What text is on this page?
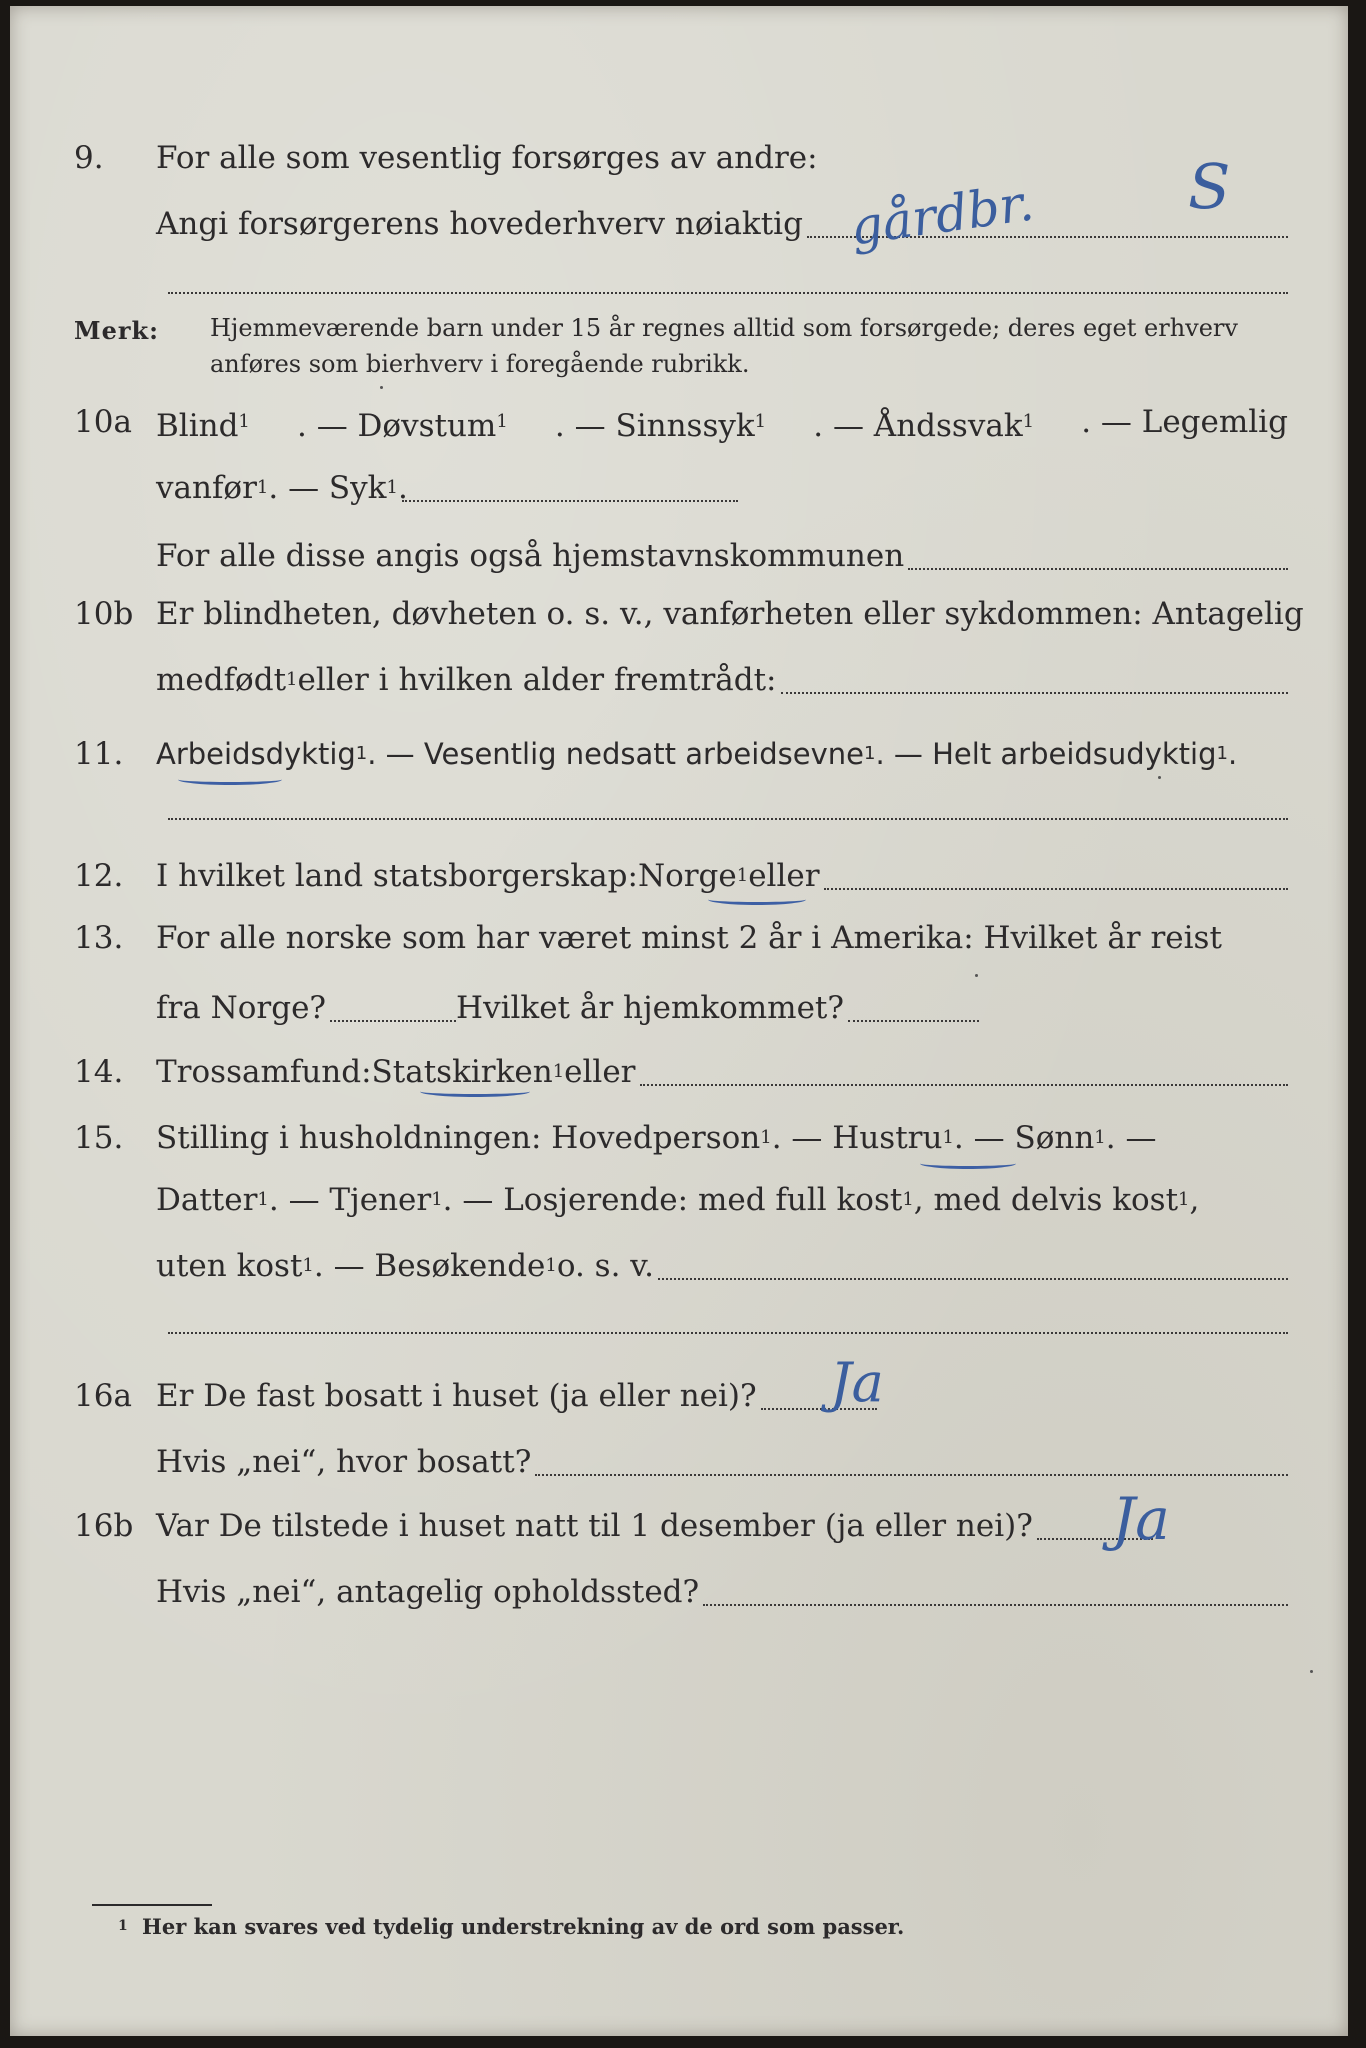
9.	For alle som vesentlig forsørges av andre:
Angi forsørgerens hovederhverv nøiaktig gårdbr. S
Merk: Hjemmeværende barn under 15 år regnes alltid som forsørgede; deres eget erhverv anføres som bierhverv i foregående rubrikk.
10a Blind$^1$ . — Døvstum$^1$ . — Sinnssyk$^1$ . — Åndssvak$^1$ . — Legemlig
vanfør 1 . — Syk 1 .
For alle disse angis også hjemstavnskommunen
10b Er blindheten, døvheten o. s. v., vanførheten eller sykdommen: Antagelig
medfødt 1 eller i hvilken alder fremtrådt:
11.	Arbeidsdyktig 1 . — Vesentlig nedsatt arbeidsevne 1 . — Helt arbeidsudyktig 1 .
12.	I hvilket land statsborgerskap: Norge 1 eller
13.	For alle norske som har været minst 2 år i Amerika: Hvilket år reist
fra Norge?	Hvilket år hjemkommet?
14.	Trossamfund: Statskirken 1 eller
15.	Stilling i husholdningen: Hovedperson 1 . — Hustru 1 . — Sønn 1 . —
Datter 1 . — Tjener 1 . — Losjerende: med full kost 1 , med delvis kost 1 ,
uten kost 1 . — Besøkende 1 o. s. v.
16a Er De fast bosatt i huset (ja eller nei)? Ja
Hvis „nei“, hvor bosatt?
16b Var De tilstede i huset natt til 1 desember (ja eller nei)? Ja
Hvis „nei“, antagelig opholdssted?
1 Her kan svares ved tydelig understrekning av de ord som passer.
